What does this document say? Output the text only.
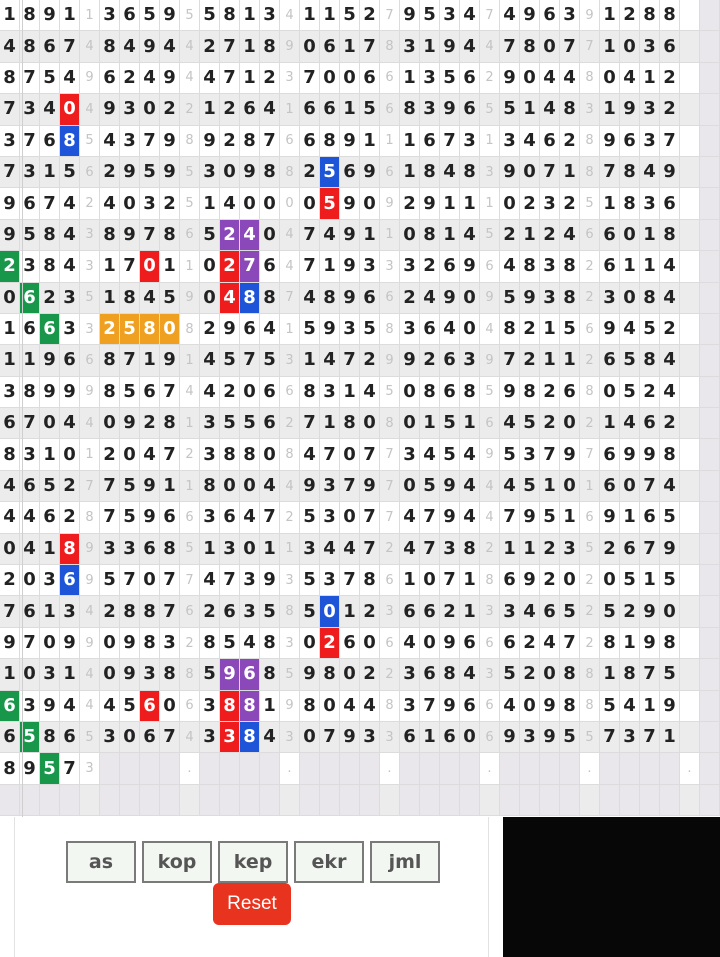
1 8 9 1 1 3 6 5 9 5 5 8 1 3 4 1 1 5 2 7 9 5 3 4 7 4 9 6 3 9 1 2 8 8
4 8 6 7 4 8 4 9 4 4 2 7 1 8 9 0 6 1 7 8 3 1 9 4 4 7 8 0 7 7 1 0 3 6
8 7 5 4 9 6 2 4 9 4 4 7 1 2 3 7 0 0 6 6 1 3 5 6 2 9 0 4 4 8 0 4 1 2
7 3 4 0 4 9 3 0 2 2 1 2 6 4 1 6 6 1 5 6 8 3 9 6 5 5 1 4 8 3 1 9 3 2
3 7 6 8 5 4 3 7 9 8 9 2 8 7 6 6 8 9 1 1 1 6 7 3 1 3 4 6 2 8 9 6 3 7
7 3 1 5 6 2 9 5 9 5 3 0 9 8 8 2 5 6 9 6 1 8 4 8 3 9 0 7 1 8 7 8 4 9
9 6 7 4 2 4 0 3 2 5 1 4 0 0 0 0 5 9 0 9 2 9 1 1 1 0 2 3 2 5 1 8 3 6
9 5 8 4 3 8 9 7 8 6 5 2 4 0 4 7 4 9 1 1 0 8 1 4 5 2 1 2 4 6 6 0 1 8
2 3 8 4 3 1 7 0 1 1 0 2 7 6 4 7 1 9 3 3 3 2 6 9 6 4 8 3 8 2 6 1 1 4
0 6 2 3 5 1 8 4 5 9 0 4 8 8 7 4 8 9 6 6 2 4 9 0 9 5 9 3 8 2 3 0 8 4
1 6 6 3 3 2 5 8 0 8 2 9 6 4 1 5 9 3 5 8 3 6 4 0 4 8 2 1 5 6 9 4 5 2
1 1 9 6 6 8 7 1 9 1 4 5 7 5 3 1 4 7 2 9 9 2 6 3 9 7 2 1 1 2 6 5 8 4
3 8 9 9 9 8 5 6 7 4 4 2 0 6 6 8 3 1 4 5 0 8 6 8 5 9 8 2 6 8 0 5 2 4
6 7 0 4 4 0 9 2 8 1 3 5 5 6 2 7 1 8 0 8 0 1 5 1 6 4 5 2 0 2 1 4 6 2
8 3 1 0 1 2 0 4 7 2 3 8 8 0 8 4 7 0 7 7 3 4 5 4 9 5 3 7 9 7 6 9 9 8
4 6 5 2 7 7 5 9 1 1 8 0 0 4 4 9 3 7 9 7 0 5 9 4 4 4 5 1 0 1 6 0 7 4
4 4 6 2 8 7 5 9 6 6 3 6 4 7 2 5 3 0 7 7 4 7 9 4 4 7 9 5 1 6 9 1 6 5
0 4 1 8 9 3 3 6 8 5 1 3 0 1 1 3 4 4 7 2 4 7 3 8 2 1 1 2 3 5 2 6 7 9
2 0 3 6 9 5 7 0 7 7 4 7 3 9 3 5 3 7 8 6 1 0 7 1 8 6 9 2 0 2 0 5 1 5
7 6 1 3 4 2 8 8 7 6 2 6 3 5 8 5 0 1 2 3 6 6 2 1 3 3 4 6 5 2 5 2 9 0
9 7 0 9 9 0 9 8 3 2 8 5 4 8 3 0 2 6 0 6 4 0 9 6 6 6 2 4 7 2 8 1 9 8
1 0 3 1 4 0 9 3 8 8 5 9 6 8 5 9 8 0 2 2 3 6 8 4 3 5 2 0 8 8 1 8 7 5
6 3 9 4 4 4 5 6 0 6 3 8 8 1 9 8 0 4 4 8 3 7 9 6 6 4 0 9 8 8 5 4 1 9
6 5 8 6 5 3 0 6 7 4 3 3 8 4 3 0 7 9 3 3 6 1 6 0 6 9 3 9 5 5 7 3 7 1
8 9 5 7 3	.	.	.	.	.	.
as	kop	kep	ekr	jml
Reset
